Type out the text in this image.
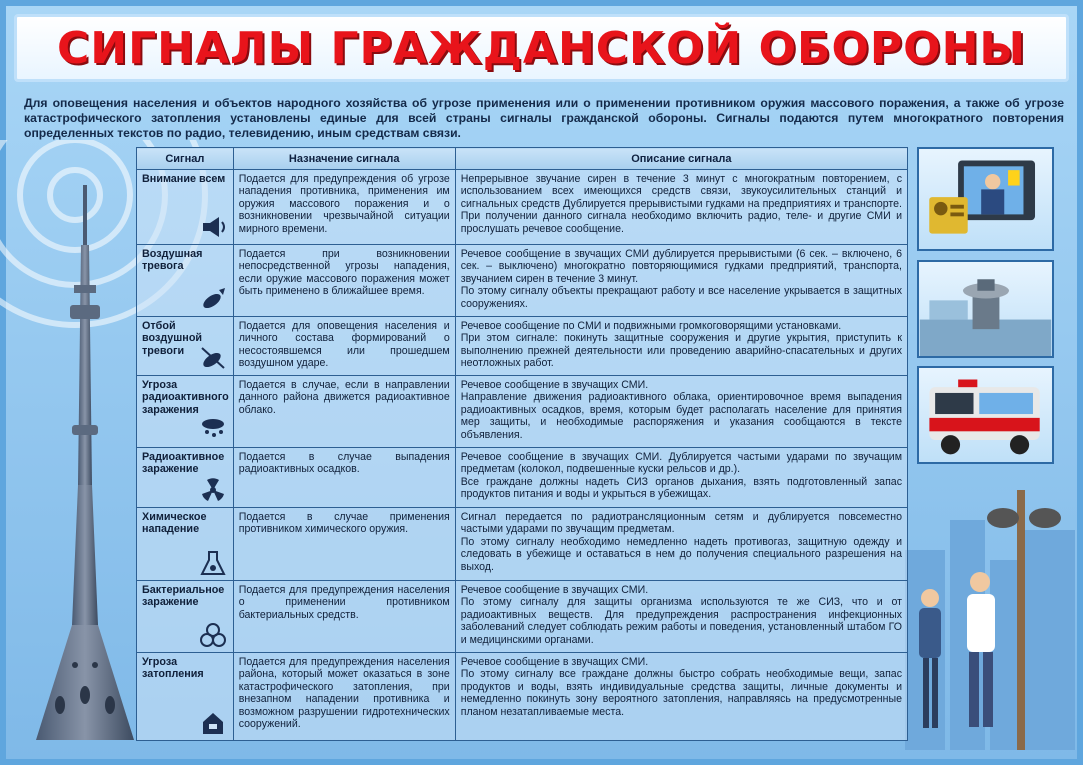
СИГНАЛЫ ГРАЖДАНСКОЙ ОБОРОНЫ

Для оповещения населения и объектов народного хозяйства об угрозе применения или о применении противником оружия массового поражения, а также об угрозе катастрофического затопления установлены единые для всей страны сигналы гражданской обороны. Сигналы подаются путем многократного повторения определенных текстов по радио, телевидению, иным средствам связи.

Сигнал	Назначение сигнала	Описание сигнала
Внимание всем	Подается для предупреждения об угрозе нападения противника, применения им оружия массового поражения и о возникновении чрезвычайной ситуации мирного времени.	Непрерывное звучание сирен в течение 3 минут с многократным повторением, с использованием всех имеющихся средств связи, звукоусилительных станций и сигнальных средств Дублируется прерывистыми гудками на предприятиях и транспорте. При получении данного сигнала необходимо включить радио, теле- и другие СМИ и прослушать речевое сообщение.

Воздушная тревога	Подается при возникновении непосредственной угрозы нападения, если оружие массового поражения может быть применено в ближайшее время.	Речевое сообщение в звучащих СМИ дублируется прерывистыми (6 сек. – включено, 6 сек. – выключено) многократно повторяющимися гудками предприятий, транспорта, звучанием сирен в течение 3 минут.

По этому сигналу объекты прекращают работу и все население укрывается в защитных сооружениях.

Отбой воздушной тревоги	Подается для оповещения населения и личного состава формирований о несостоявшемся или прошедшем воздушном ударе.	Речевое сообщение по СМИ и подвижными громкоговорящими установками.

При этом сигнале: покинуть защитные сооружения и другие укрытия, приступить к выполнению прежней деятельности или проведению аварийно-спасательных и других неотложных работ.

Угроза радиоактивного заражения	Подается в случае, если в направлении данного района движется радиоактивное облако.	Речевое сообщение в звучащих СМИ.

Направление движения радиоактивного облака, ориентировочное время выпадения радиоактивных осадков, время, которым будет располагать население для принятия мер защиты, и необходимые распоряжения и указания сообщаются в тексте объявления.

Радиоактивное заражение	Подается в случае выпадения радиоактивных осадков.	Речевое сообщение в звучащих СМИ. Дублируется частыми ударами по звучащим предметам (колокол, подвешенные куски рельсов и др.).

Все граждане должны надеть СИЗ органов дыхания, взять подготовленный запас продуктов питания и воды и укрыться в убежищах.

Химическое нападение	Подается в случае применения противником химического оружия.	Сигнал передается по радиотрансляционным сетям и дублируется повсеместно частыми ударами по звучащим предметам.

По этому сигналу необходимо немедленно надеть противогаз, защитную одежду и следовать в убежище и оставаться в нем до получения специального разрешения на выход.

Бактериальное заражение	Подается для предупреждения населения о применении противником бактериальных средств.	Речевое сообщение в звучащих СМИ.

По этому сигналу для защиты организма используются те же СИЗ, что и от радиоактивных веществ. Для предупреждения распространения инфекционных заболеваний следует соблюдать режим работы и поведения, установленный штабом ГО и медицинскими органами.

Угроза затопления	Подается для предупреждения населения района, который может оказаться в зоне катастрофического затопления, при внезапном нападении противника и возможном разрушении гидротехнических сооружений.	Речевое сообщение в звучащих СМИ.

По этому сигналу все граждане должны быстро собрать необходимые вещи, запас продуктов и воды, взять индивидуальные средства защиты, личные документы и немедленно покинуть зону вероятного затопления, направляясь на предусмотренные планом незатапливаемые места.
